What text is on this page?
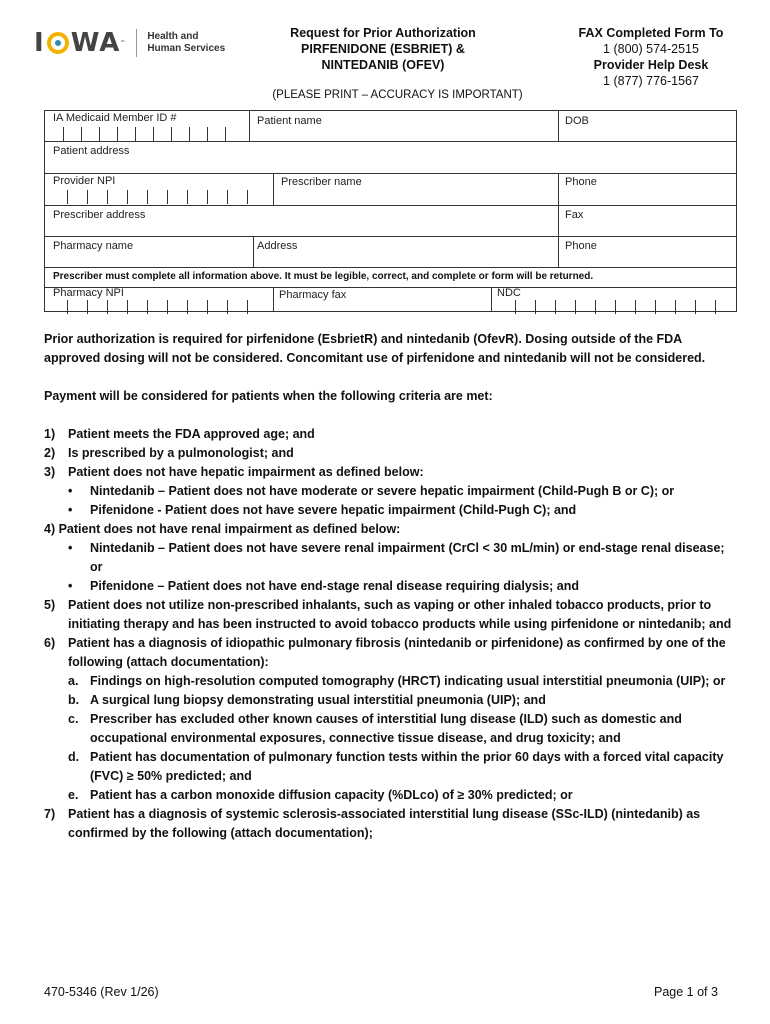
I WA ™
Health and
Human Services
Request for Prior Authorization
PIRFENIDONE (ESBRIET) &
NINTEDANIB (OFEV)
FAX Completed Form To
1 (800) 574-2515
Provider Help Desk
1 (877) 776-1567
(PLEASE PRINT – ACCURACY IS IMPORTANT)
IA Medicaid Member ID #	Patient name	DOB
Patient address
Provider NPI	Prescriber name	Phone
Prescriber address	Fax
Pharmacy name	Address	Phone
Prescriber must complete all information above. It must be legible, correct, and complete or form will be returned.
Pharmacy NPI	Pharmacy fax	NDC

Prior authorization is required for pirfenidone (EsbrietR) and nintedanib (OfevR). Dosing outside of the FDA approved dosing will not be considered. Concomitant use of pirfenidone and nintedanib will not be considered.

Payment will be considered for patients when the following criteria are met:

1) Patient meets the FDA approved age; and
2) Is prescribed by a pulmonologist; and
3) Patient does not have hepatic impairment as defined below:
• Nintedanib – Patient does not have moderate or severe hepatic impairment (Child-Pugh B or C); or
• Pifenidone - Patient does not have severe hepatic impairment (Child-Pugh C); and
4) Patient does not have renal impairment as defined below:
• Nintedanib – Patient does not have severe renal impairment (CrCl < 30 mL/min) or end-stage renal disease; or
• Pifenidone – Patient does not have end-stage renal disease requiring dialysis; and
5) Patient does not utilize non-prescribed inhalants, such as vaping or other inhaled tobacco products, prior to initiating therapy and has been instructed to avoid tobacco products while using pirfenidone or nintedanib; and
6) Patient has a diagnosis of idiopathic pulmonary fibrosis (nintedanib or pirfenidone) as confirmed by one of the following (attach documentation):
a. Findings on high-resolution computed tomography (HRCT) indicating usual interstitial pneumonia (UIP); or
b. A surgical lung biopsy demonstrating usual interstitial pneumonia (UIP); and
c. Prescriber has excluded other known causes of interstitial lung disease (ILD) such as domestic and occupational environmental exposures, connective tissue disease, and drug toxicity; and
d. Patient has documentation of pulmonary function tests within the prior 60 days with a forced vital capacity (FVC) ≥ 50% predicted; and
e. Patient has a carbon monoxide diffusion capacity (%DLco) of ≥ 30% predicted; or
7) Patient has a diagnosis of systemic sclerosis-associated interstitial lung disease (SSc-ILD) (nintedanib) as confirmed by the following (attach documentation);
470-5346 (Rev 1/26)	Page 1 of 3
